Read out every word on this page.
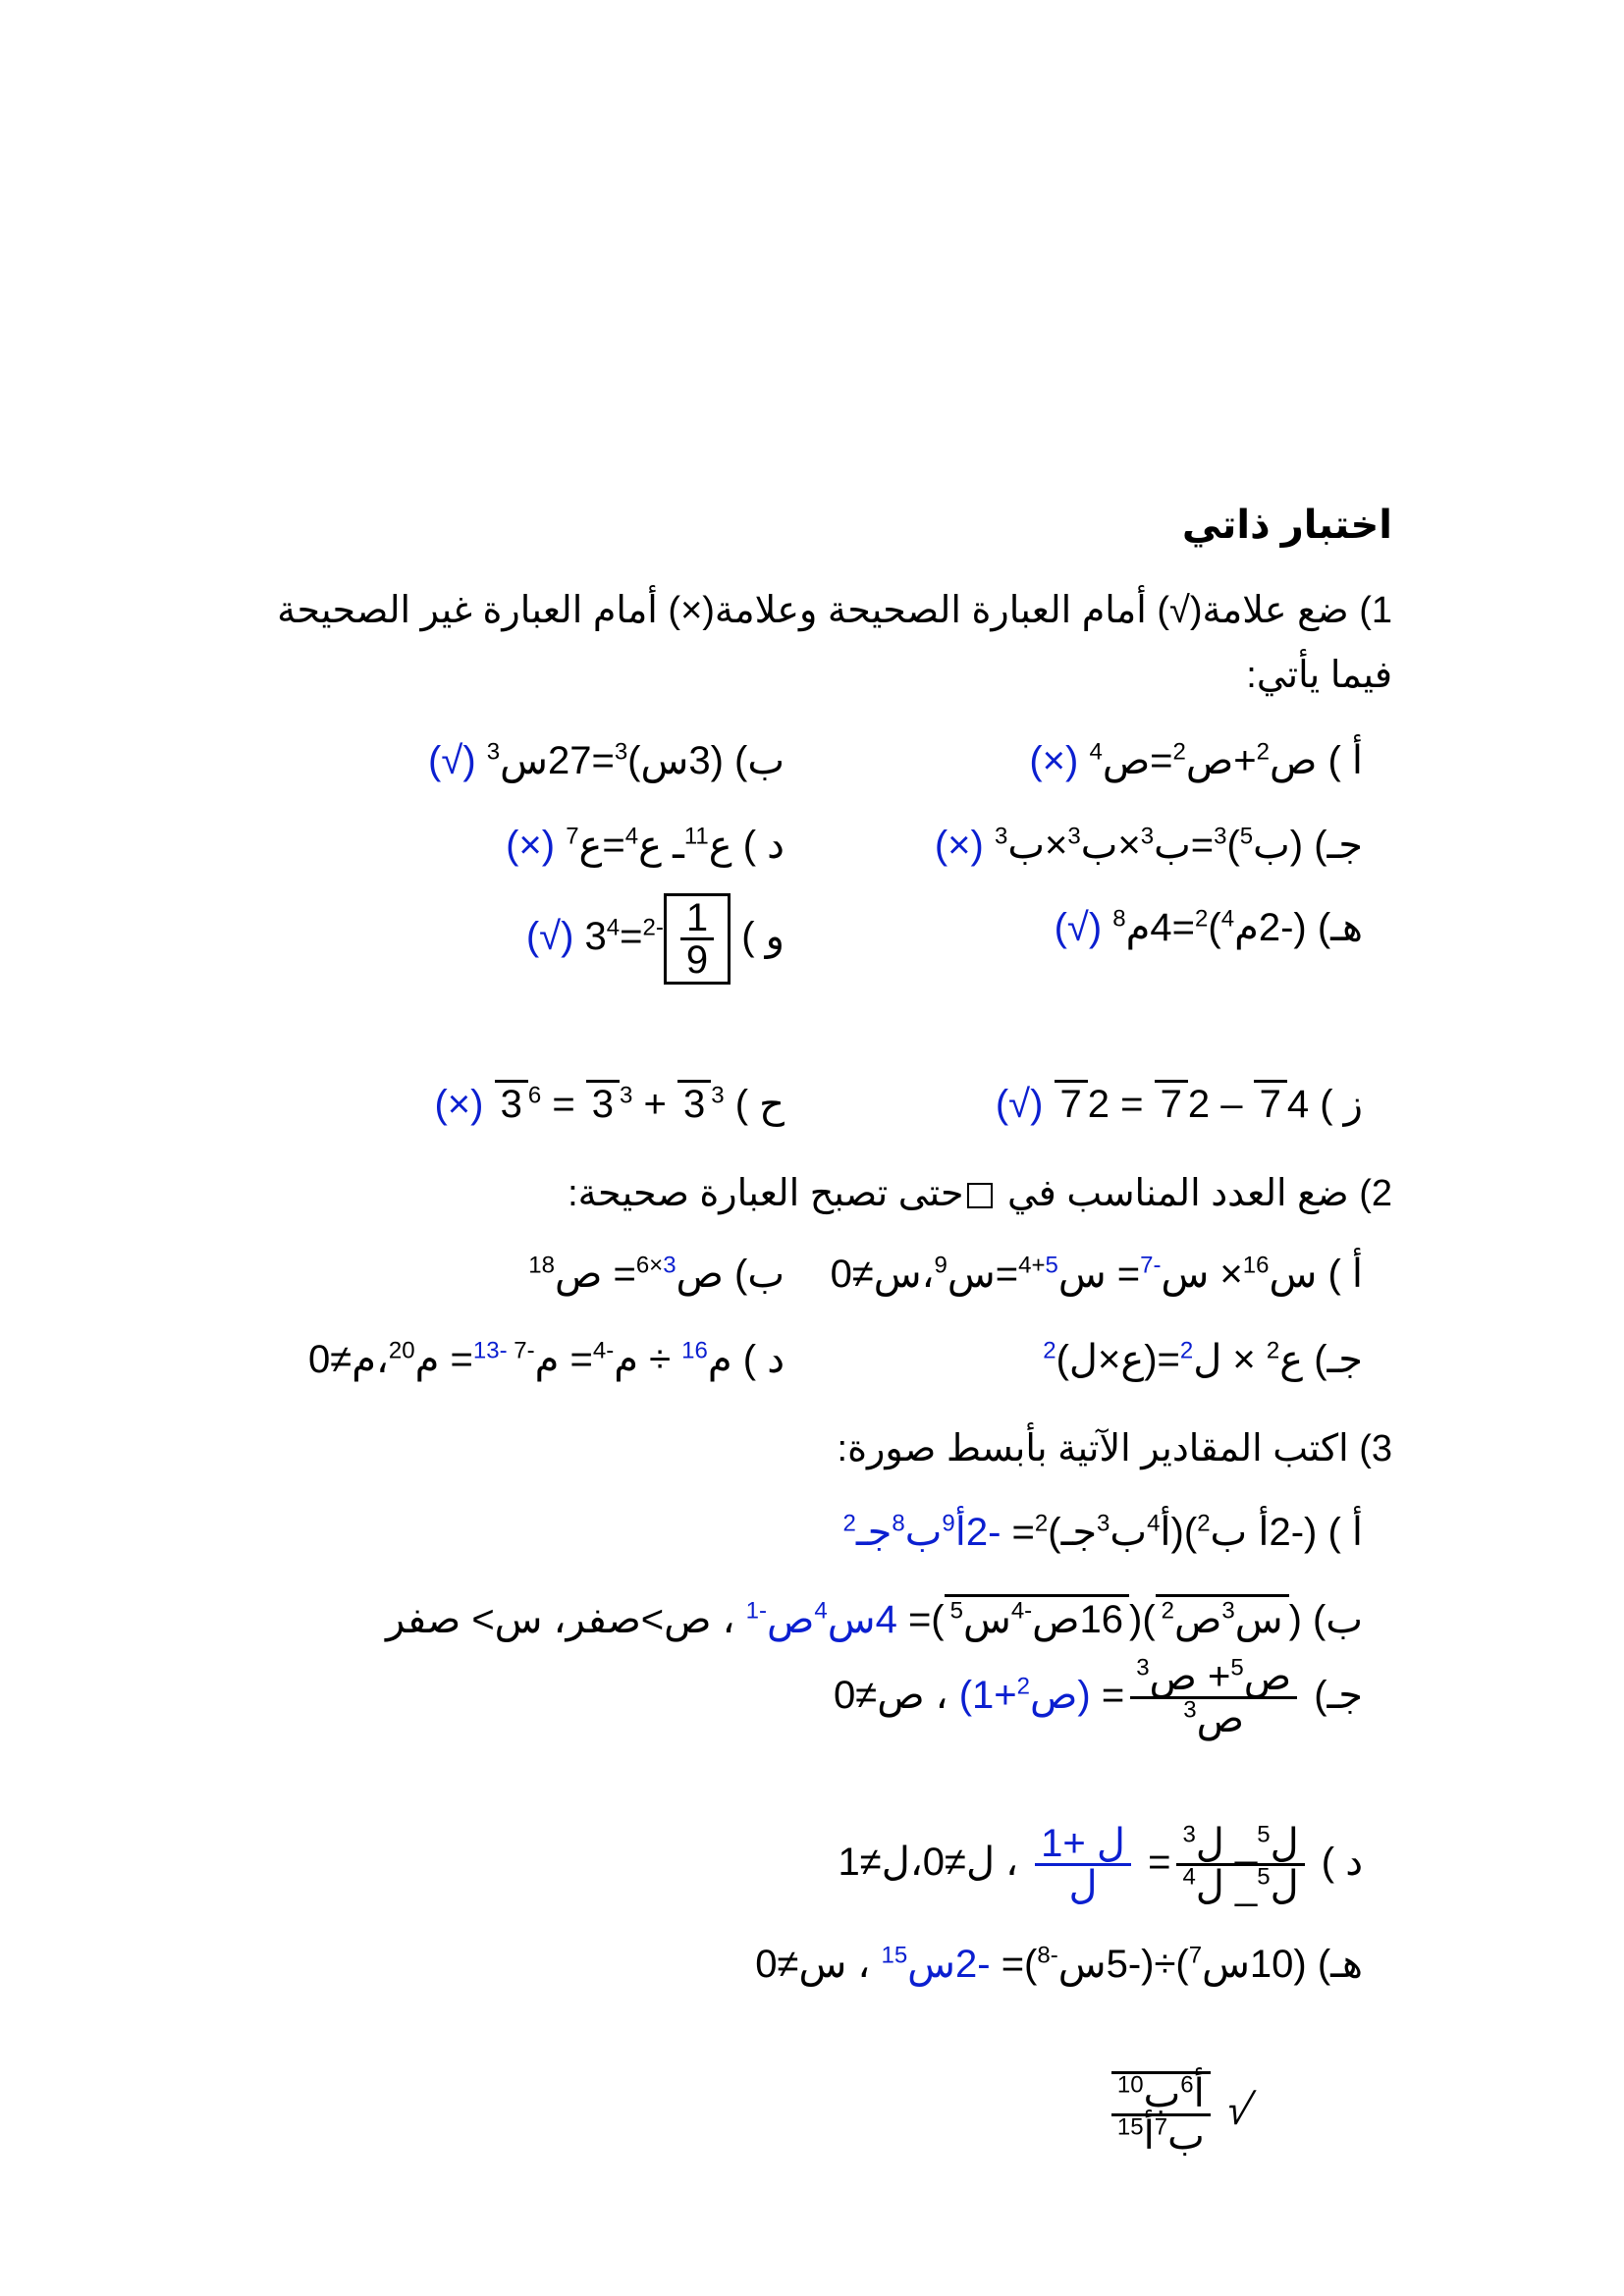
اختبار ذاتي
1) ضع علامة(√) أمام العبارة الصحيحة وعلامة(×) أمام العبارة غير الصحيحة
فيما يأتي:
أ ) ص$^2$+ص$^2$=ص$^4$ (×)
ب) (3س)$^3$=27س$^3$ (√)
جـ) (ب$^5$)$^3$=ب$^3$×ب$^3$×ب$^3$ (×)
د ) ع$^{11}$ـ ع$^4$=ع$^7$ (×)
هـ) (-2م$^4$)$^2$=4م$^8$ (√)
و )
$\frac{1}{9}$
$^{-2}=3^4$ (√)
ز ) 47 – 27 = 27 (√)
ح ) $^3$3 + $^3$3 = $^6$3 (×)
2) ضع العدد المناسب في حتى تصبح العبارة صحيحة:
أ ) س$^{16}$× س$^{-7}$= س$^{5+4}$=س$^9$،س≠0
ب) ص$^{3\times 6}$= ص$^{18}$
جـ) ع$^2$ × ل$^2$=(ع×ل)$^2$
د ) م$^{16}$ ÷ م$^{-4}$= م$^{-7 -13}$= م$^{20}$،م≠0
3) اكتب المقادير الآتية بأبسط صورة:
أ ) (-2أ ب$^2$)(أ$^4$ب$^3$جـ)$^2$= -2أ$^9$ب$^8$جـ$^2$
ب) (س$^3$ص$^2$)(16ص$^{-4}$س$^5$)= 4س$^4$ص$^{-1}$ ، ص>صفر، س> صفر
جـ)
$\frac{ص^5+ ص^3}{ص^3}$
= (ص$^2$+1) ، ص≠0
د )
$\frac{ل^5\_ ل^3}{ل^5\_ ل^4}$
=
$\frac{\text{ل +1}}{\text{ل}}$
، ل≠0،ل≠1
هـ) (10س$^7$)÷(-5س$^{-8}$)= -2س$^{15}$ ، س≠0
√
$\frac{أ^6ب^{10}}{ب^7أ^{15}}$
